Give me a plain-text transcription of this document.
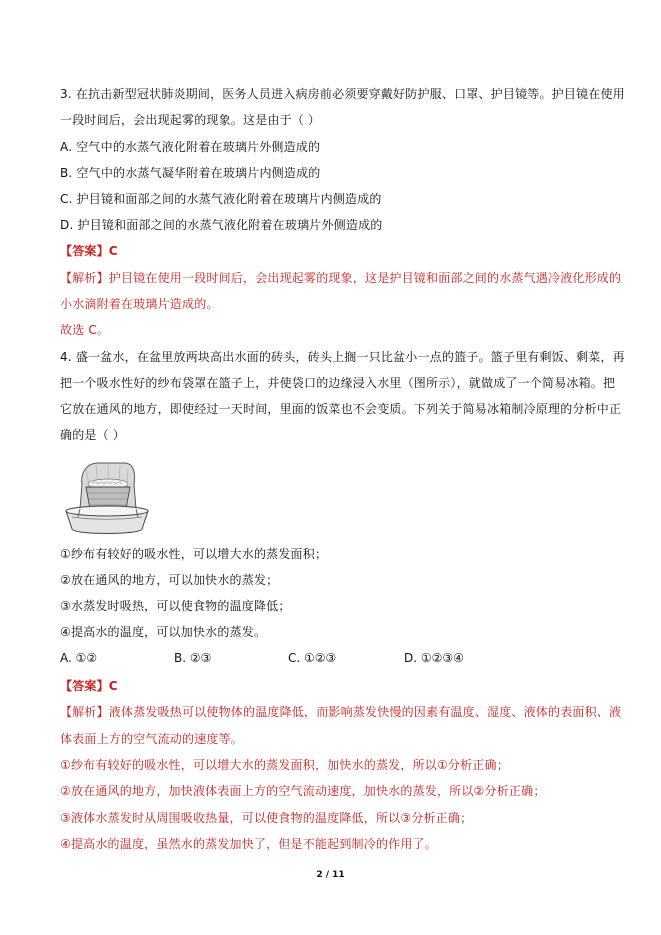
3. 在抗击新型冠状肺炎期间，医务人员进入病房前必须要穿戴好防护服、口罩、护目镜等。护目镜在使用
一段时间后，会出现起雾的现象。这是由于（ ）
A. 空气中的水蒸气液化附着在玻璃片外侧造成的
B. 空气中的水蒸气凝华附着在玻璃片内侧造成的
C. 护目镜和面部之间的水蒸气液化附着在玻璃片内侧造成的
D. 护目镜和面部之间的水蒸气液化附着在玻璃片外侧造成的
【答案】C
【解析】护目镜在使用一段时间后，会出现起雾的现象，这是护目镜和面部之间的水蒸气遇冷液化形成的
小水滴附着在玻璃片造成的。
故选 C。
4. 盛一盆水，在盆里放两块高出水面的砖头，砖头上搁一只比盆小一点的篮子。篮子里有剩饭、剩菜，再
把一个吸水性好的纱布袋罩在篮子上，并使袋口的边缘浸入水里（图所示），就做成了一个简易冰箱。把
它放在通风的地方，即使经过一天时间，里面的饭菜也不会变质。下列关于简易冰箱制冷原理的分析中正
确的是（ ）
①纱布有较好的吸水性，可以增大水的蒸发面积；
②放在通风的地方，可以加快水的蒸发；
③水蒸发时吸热，可以使食物的温度降低；
④提高水的温度，可以加快水的蒸发。
A. ①②	B. ②③	C. ①②③	D. ①②③④
【答案】C
【解析】液体蒸发吸热可以使物体的温度降低，而影响蒸发快慢的因素有温度、湿度、液体的表面积、液
体表面上方的空气流动的速度等。
①纱布有较好的吸水性，可以增大水的蒸发面积，加快水的蒸发，所以①分析正确；
②放在通风的地方，加快液体表面上方的空气流动速度，加快水的蒸发，所以②分析正确；
③液体水蒸发时从周围吸收热量，可以使食物的温度降低，所以③分析正确；
④提高水的温度，虽然水的蒸发加快了，但是不能起到制冷的作用了。
2 / 11
